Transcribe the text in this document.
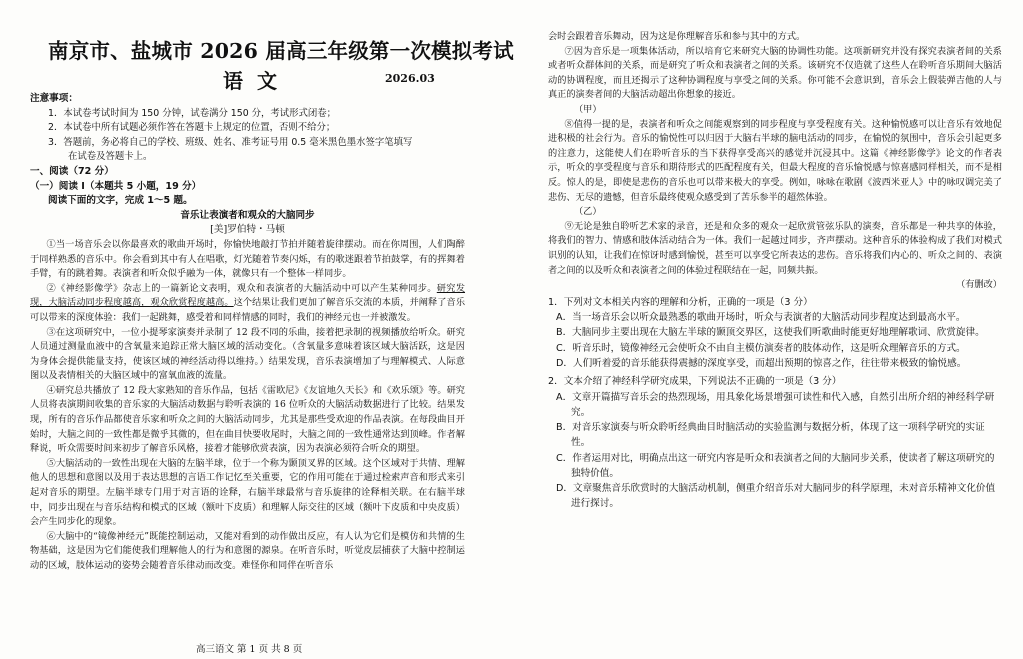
南京市、盐城市 2026 届高三年级第一次模拟考试
语文	2026.03

注意事项：

1．本试卷考试时间为 150 分钟，试卷满分 150 分，考试形式闭卷；

2．本试卷中所有试题必须作答在答题卡上规定的位置，否则不给分；

3．答题前，务必将自己的学校、班级、姓名、准考证号用 0.5 毫米黑色墨水签字笔填写

在试卷及答题卡上。

一、阅读（72 分）

（一）阅读 I（本题共 5 小题，19 分）

阅读下面的文字，完成 1～5 题。

音乐让表演者和观众的大脑同步

[美]罗伯特・马顿

①当一场音乐会以你最喜欢的歌曲开场时，你愉快地敲打节拍并随着旋律摆动。而在你周围，人们陶醉于同样熟悉的音乐中。你会看到其中有人在唱歌，灯光随着节奏闪烁，有的歌迷跟着节拍鼓掌，有的挥舞着手臂，有的跳着舞。表演者和听众似乎融为一体，就像只有一个整体一样同步。

②《神经影像学》杂志上的一篇新论文表明，观众和表演者的大脑活动中可以产生某种同步。研究发现，大脑活动同步程度越高，观众欣赏程度越高。这个结果让我们更加了解音乐交流的本质，并阐释了音乐可以带来的深度体验：我们一起跳舞，感受着和同样情感的同时，我们的神经元也一并被激发。

③在这项研究中，一位小提琴家演奏并录制了 12 段不同的乐曲，接着把录制的视频播放给听众。研究人员通过测量血液中的含氧量来追踪正常大脑区域的活动变化。（含氧量多意味着该区域大脑活跃，这是因为身体会提供能量支持，使该区域的神经活动得以维持。）结果发现，音乐表演增加了与理解模式、人际意图以及表情相关的大脑区域中的富氧血液的流量。

④研究总共播放了 12 段大家熟知的音乐作品，包括《雷欧尼》《友谊地久天长》和《欢乐颂》等。研究人员将表演期间收集的音乐家的大脑活动数据与聆听表演的 16 位听众的大脑活动数据进行了比较。结果发现，所有的音乐作品都使音乐家和听众之间的大脑活动同步，尤其是那些受欢迎的作品表演。在每段曲目开始时，大脑之间的一致性都是微乎其微的，但在曲目快要收尾时，大脑之间的一致性通常达到顶峰。作者解释说，听众需要时间来初步了解音乐风格，接着才能够欣赏表演，因为表演必须符合听众的期望。

⑤大脑活动的一致性出现在大脑的左脑半球，位于一个称为颞顶叉界的区域。这个区域对于共情、理解他人的思想和意图以及用于表达思想的言语工作记忆至关重要，它的作用可能在于通过检索声音和形式来引起对音乐的期望。左脑半球专门用于对言语的诠释，右脑半球最常与音乐旋律的诠释相关联。在右脑半球中，同步出现在与音乐结构和模式的区域（额叶下皮质）和理解人际交往的区域（额叶下皮质和中央皮质）会产生同步化的现象。

⑥大脑中的“镜像神经元”既能控制运动，又能对看到的动作做出反应，有人认为它们是模仿和共情的生物基础，这是因为它们能使我们理解他人的行为和意图的源泉。在听音乐时，听觉皮层捕获了大脑中控制运动的区域，肢体运动的姿势会随着音乐律动而改变。难怪你和同伴在听音乐

高三语文 第 1 页 共 8 页

会时会跟着音乐舞动，因为这是你理解音乐和参与其中的方式。

⑦因为音乐是一项集体活动，所以培育它来研究大脑的协调性功能。这项新研究并没有探究表演者间的关系或者听众群体间的关系，而是研究了听众和表演者之间的关系。该研究不仅造就了这些人在聆听音乐期间大脑活动的协调程度，而且还揭示了这种协调程度与享受之间的关系。你可能不会意识到，音乐会上假装弹吉他的人与真正的演奏者间的大脑活动超出你想象的接近。

（甲）

⑧值得一提的是，表演者和听众之间能观察到的同步程度与享受程度有关。这种愉悦感可以让音乐有效地促进积极的社会行为。音乐的愉悦性可以归因于大脑右半球的脑电活动的同步，在愉悦的氛围中，音乐会引起更多的注意力，这能使人们在聆听音乐的当下获得享受高兴的感觉并沉浸其中。这篇《神经影像学》论文的作者表示，听众的享受程度与音乐和期待形式的匹配程度有关，但最大程度的音乐愉悦感与惊喜感同样相关，而不是相反。惊人的是，即使是悲伤的音乐也可以带来极大的享受。例如，咏咏在歌剧《波西米亚人》中的咏叹调完美了悲伤、无尽的遗憾，但音乐最终使观众感受到了苦乐参半的超然体验。

（乙）

⑨无论是独自聆听艺术家的录音，还是和众多的观众一起欣赏管弦乐队的演奏，音乐都是一种共享的体验，将我们的智力、情感和肢体活动结合为一体。我们一起越过同步，齐声摆动。这种音乐的体验构成了我们对模式识别的认知，让我们在惊讶时感到愉悦，甚至可以享受它所表达的悲伤。音乐将我们内心的、听众之间的、表演者之间的以及听众和表演者之间的体验过程联结在一起，同频共振。

（有删改）

1．下列对文本相关内容的理解和分析，正确的一项是（3 分）

A．当一场音乐会以听众最熟悉的歌曲开场时，听众与表演者的大脑活动同步程度达到最高水平。

B．大脑同步主要出现在大脑左半球的颞顶交界区，这使我们听歌曲时能更好地理解歌词、欣赏旋律。

C．听音乐时，镜像神经元会使听众不由自主模仿演奏者的肢体动作，这是听众理解音乐的方式。

D．人们听着爱的音乐能获得震撼的深度享受，而超出预期的惊喜之作，往往带来极致的愉悦感。

2．文本介绍了神经科学研究成果，下列说法不正确的一项是（3 分）

A．文章开篇描写音乐会的热烈现场，用具象化场景增强可读性和代入感，自然引出所介绍的神经科学研究。

B．对音乐家演奏与听众聆听经典曲目时脑活动的实验监测与数据分析，体现了这一项科学研究的实证性。

C．作者运用对比，明确点出这一研究内容是听众和表演者之间的大脑同步关系，使读者了解这项研究的独特价值。

D．文章聚焦音乐欣赏时的大脑活动机制，侧重介绍音乐对大脑同步的科学原理，未对音乐精神文化价值进行探讨。
